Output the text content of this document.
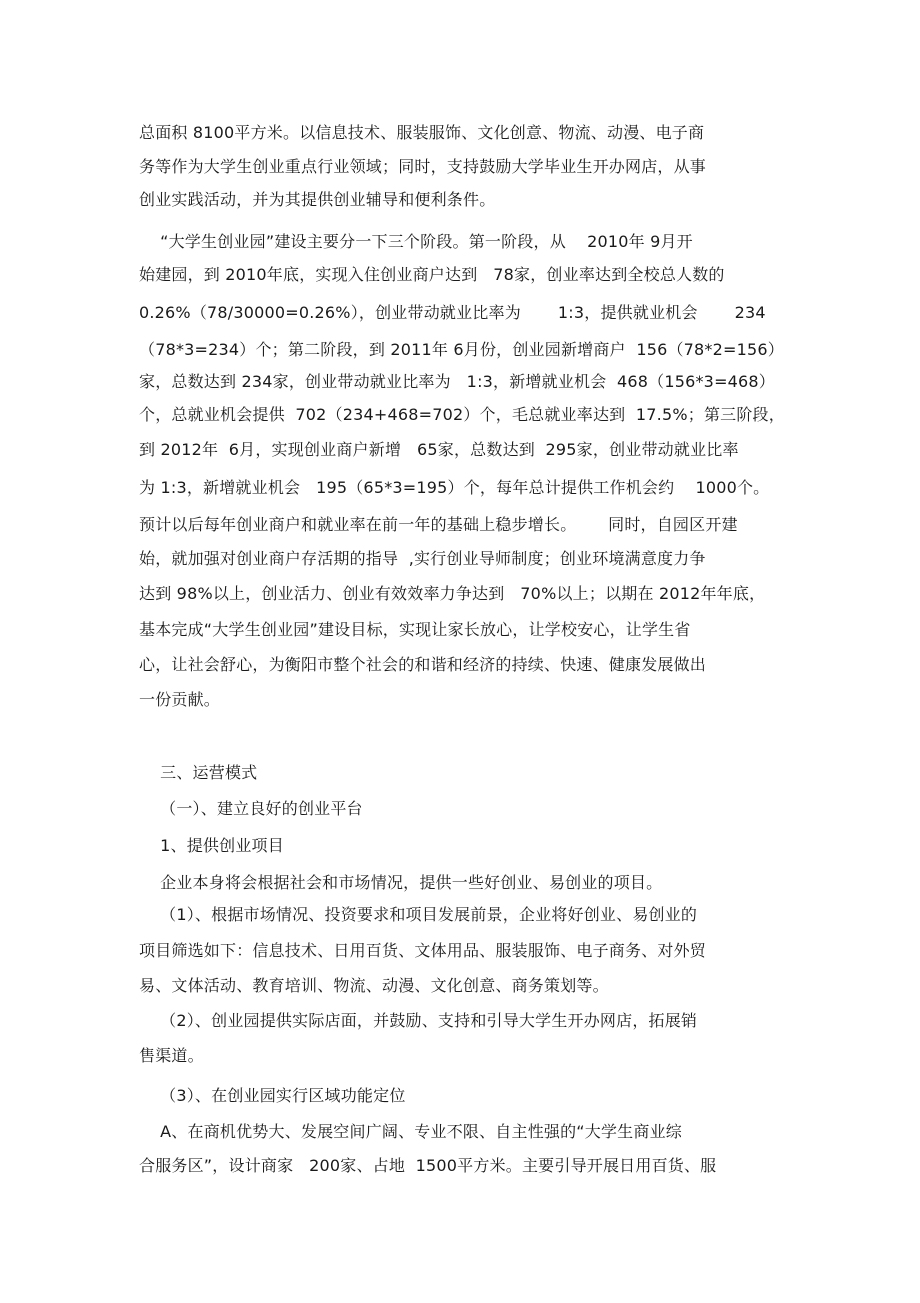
总面积 8100平方米。以信息技术、服装服饰、文化创意、物流、动漫、电子商
务等作为大学生创业重点行业领域；同时，支持鼓励大学毕业生开办网店，从事
创业实践活动，并为其提供创业辅导和便利条件。
“大学生创业园”建设主要分一下三个阶段。第一阶段，从    2010年 9月开
始建园，到 2010年底，实现入住创业商户达到   78家，创业率达到全校总人数的
0.26%（78/30000=0.26%），创业带动就业比率为       1:3，提供就业机会       234
（78*3=234）个；第二阶段，到 2011年 6月份，创业园新增商户  156（78*2=156）
家，总数达到 234家，创业带动就业比率为   1:3，新增就业机会  468（156*3=468）
个，总就业机会提供  702（234+468=702）个，毛总就业率达到  17.5%；第三阶段，
到 2012年  6月，实现创业商户新增   65家，总数达到  295家，创业带动就业比率
为 1:3，新增就业机会   195（65*3=195）个，每年总计提供工作机会约    1000个。
预计以后每年创业商户和就业率在前一年的基础上稳步增长。      同时，自园区开建
始，就加强对创业商户存活期的指导  ,实行创业导师制度；创业环境满意度力争
达到 98%以上，创业活力、创业有效效率力争达到   70%以上；以期在 2012年年底，
基本完成“大学生创业园”建设目标，实现让家长放心，让学校安心，让学生省
心，让社会舒心，为衡阳市整个社会的和谐和经济的持续、快速、健康发展做出
一份贡献。
三、运营模式
（一）、建立良好的创业平台
1、提供创业项目
企业本身将会根据社会和市场情况，提供一些好创业、易创业的项目。
（1）、根据市场情况、投资要求和项目发展前景，企业将好创业、易创业的
项目筛选如下：信息技术、日用百货、文体用品、服装服饰、电子商务、对外贸
易、文体活动、教育培训、物流、动漫、文化创意、商务策划等。
（2）、创业园提供实际店面，并鼓励、支持和引导大学生开办网店，拓展销
售渠道。
（3）、在创业园实行区域功能定位
A、在商机优势大、发展空间广阔、专业不限、自主性强的“大学生商业综
合服务区”，设计商家   200家、占地  1500平方米。主要引导开展日用百货、服
